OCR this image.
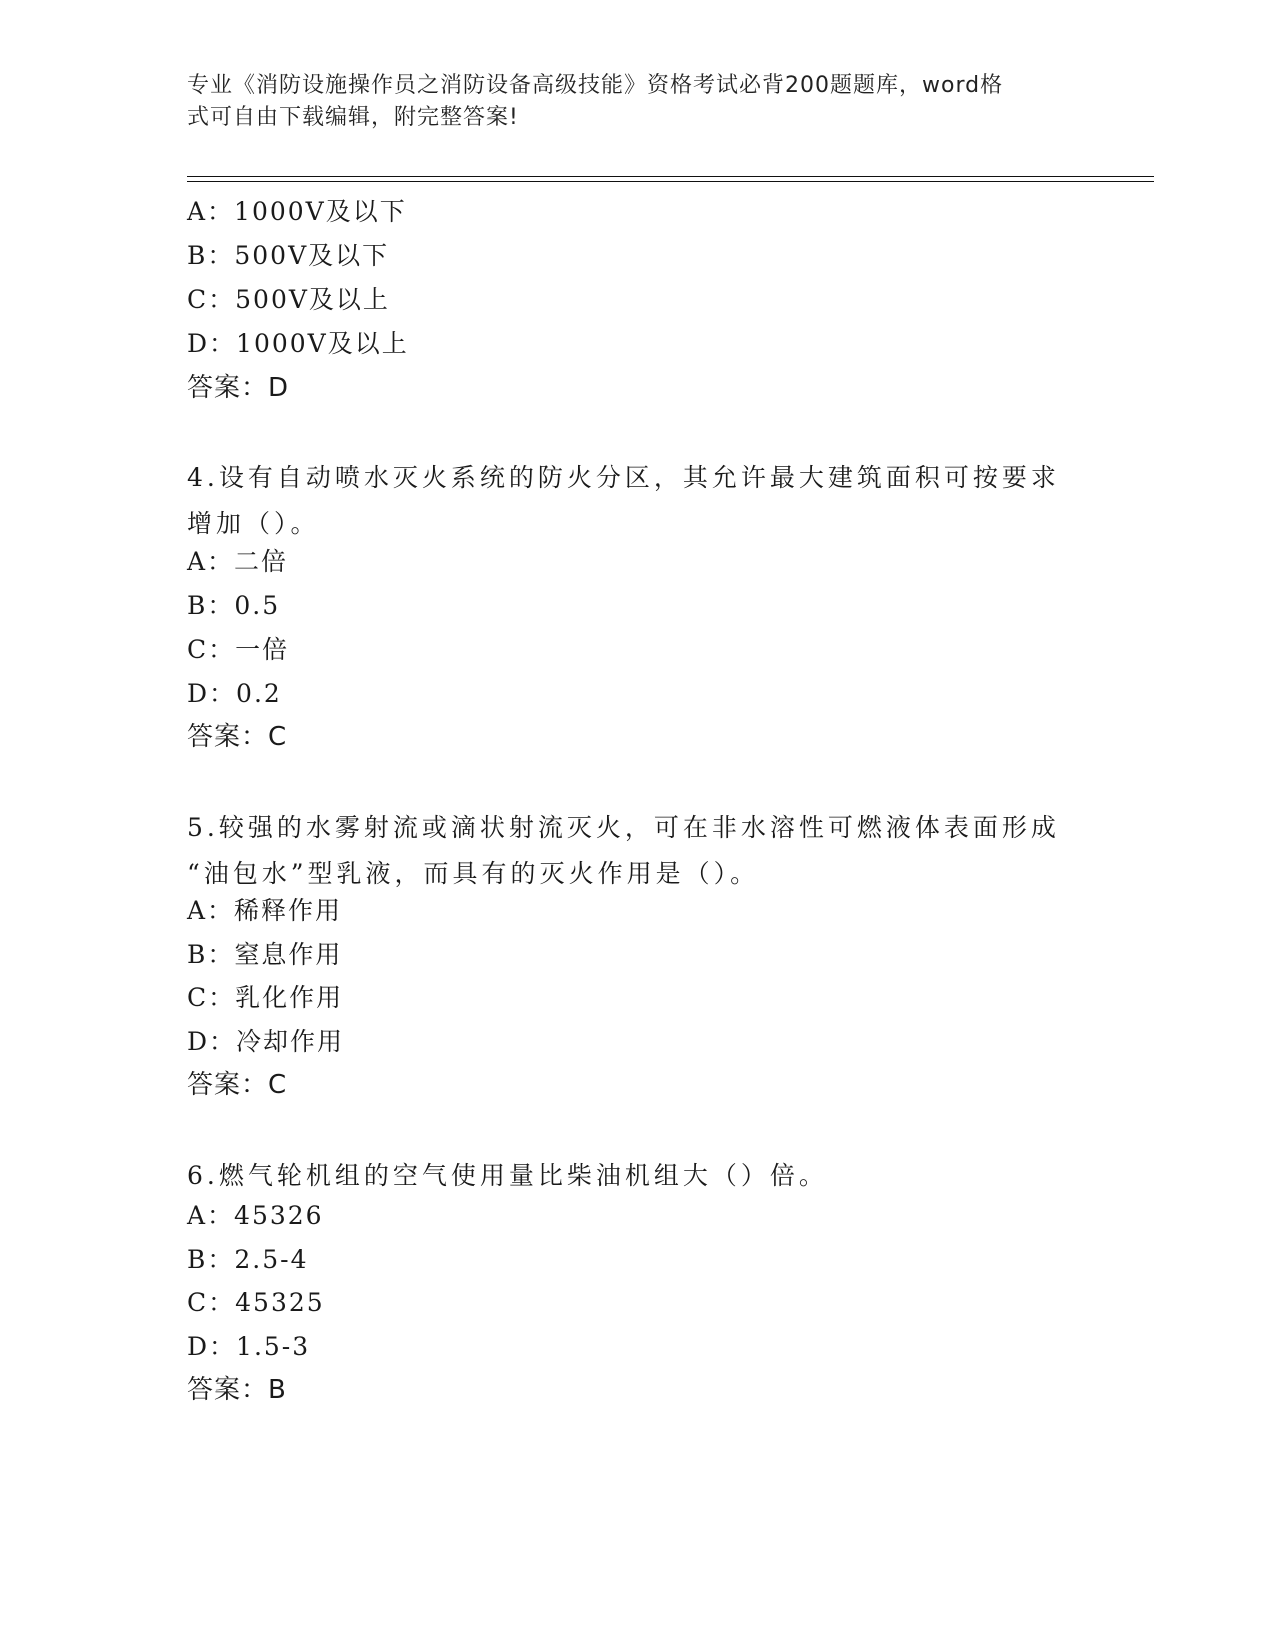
专业《消防设施操作员之消防设备高级技能》资格考试必背200题题库，word格
式可自由下载编辑，附完整答案!
A：1000V及以下
B：500V及以下
C：500V及以上
D：1000V及以上
答案：D
4.设有自动喷水灭火系统的防火分区，其允许最大建筑面积可按要求
增加（）。
A：二倍
B：0.5
C：一倍
D：0.2
答案：C
5.较强的水雾射流或滴状射流灭火，可在非水溶性可燃液体表面形成
“油包水”型乳液，而具有的灭火作用是（）。
A：稀释作用
B：窒息作用
C：乳化作用
D：冷却作用
答案：C
6.燃气轮机组的空气使用量比柴油机组大（）倍。
A：45326
B：2.5-4
C：45325
D：1.5-3
答案：B
